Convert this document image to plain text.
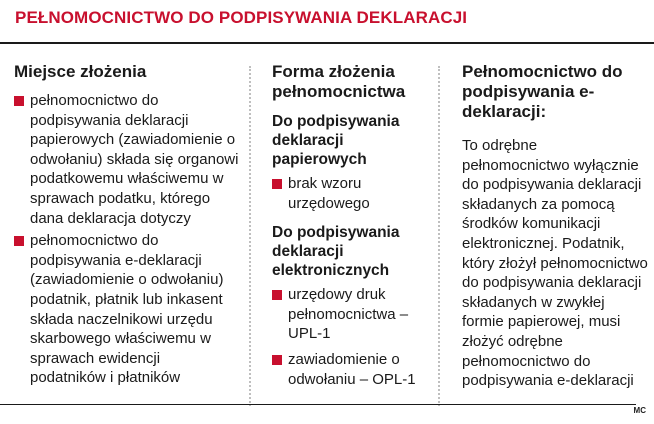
PEŁNOMOCNICTWO DO PODPISYWANIA DEKLARACJI
Miejsce złożenia
pełnomocnictwo do podpisywania deklaracji papierowych (zawiadomienie o odwołaniu) składa się organowi podatkowemu właściwemu w sprawach podatku, którego dana deklaracja dotyczy
pełnomocnictwo do podpisywania e-deklaracji (zawiadomienie o odwołaniu) podatnik, płatnik lub inkasent składa naczelnikowi urzędu skarbowego właściwemu w sprawach ewidencji podatników i płatników
Forma złożenia pełnomocnictwa
Do podpisywania deklaracji papierowych
brak wzoru urzędowego
Do podpisywania deklaracji elektronicznych
urzędowy druk pełnomocnictwa – UPL-1
zawiadomienie o odwołaniu – OPL-1
Pełnomocnictwo do podpisywania e-deklaracji:
To odrębne pełnomocnictwo wyłącznie do podpisywania deklaracji składanych za pomocą środków komunikacji elektronicznej. Podatnik, który złożył pełnomocnictwo do podpisywania deklaracji składanych w zwykłej formie papierowej, musi złożyć odrębne pełnomocnictwo do podpisywania e-deklaracji
MC
